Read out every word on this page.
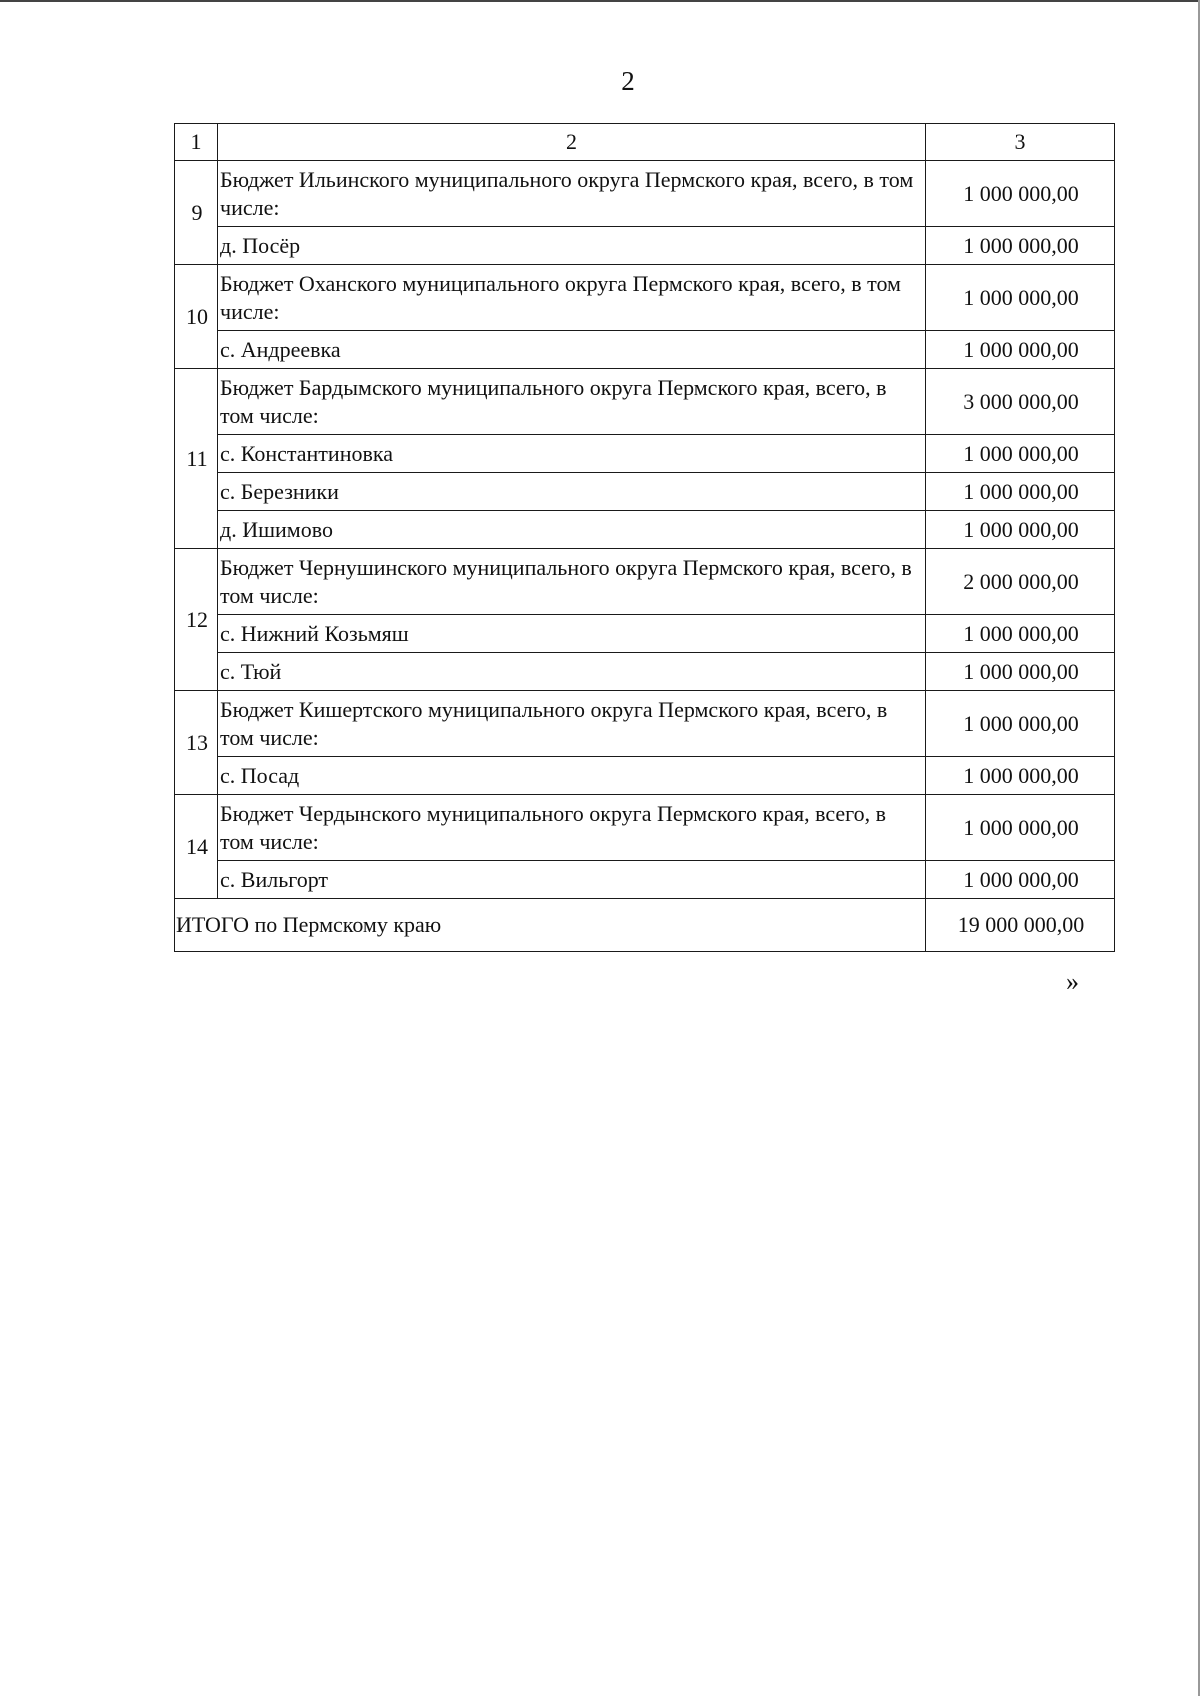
2
1	2	3
9	Бюджет Ильинского муниципального округа Пермского края, всего, в том числе:	1 000 000,00
	д. Посёр	1 000 000,00
10	Бюджет Оханского муниципального округа Пермского края, всего, в том числе:	1 000 000,00
	с. Андреевка	1 000 000,00
11	Бюджет Бардымского муниципального округа Пермского края, всего, в том числе:	3 000 000,00
	с. Константиновка	1 000 000,00
	с. Березники	1 000 000,00
	д. Ишимово	1 000 000,00
12	Бюджет Чернушинского муниципального округа Пермского края, всего, в том числе:	2 000 000,00
	с. Нижний Козьмяш	1 000 000,00
	с. Тюй	1 000 000,00
13	Бюджет Кишертского муниципального округа Пермского края, всего, в том числе:	1 000 000,00
	с. Посад	1 000 000,00
14	Бюджет Чердынского муниципального округа Пермского края, всего, в том числе:	1 000 000,00
	с. Вильгорт	1 000 000,00
ИТОГО по Пермскому краю		19 000 000,00
»
